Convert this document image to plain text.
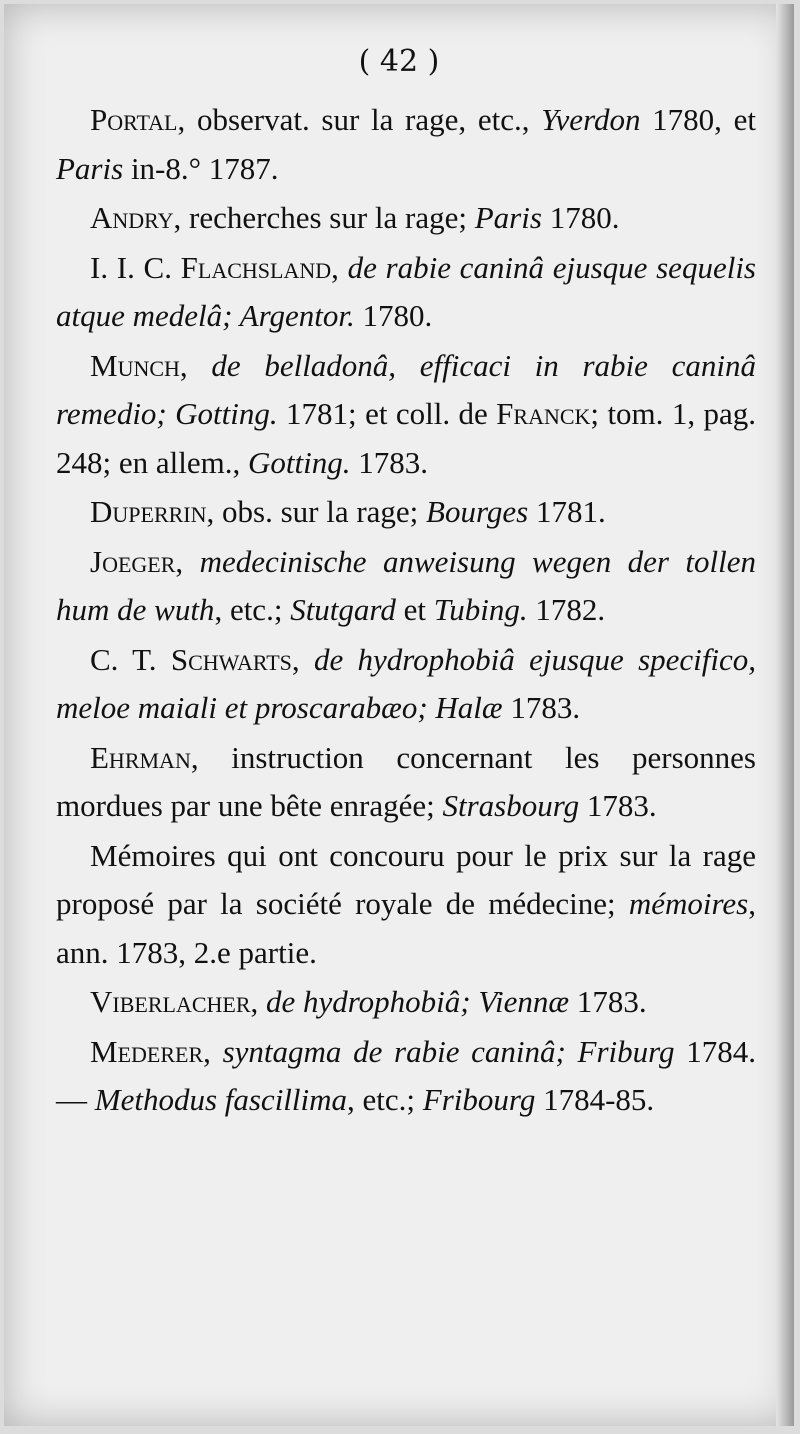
( 42 )

Portal, observat. sur la rage, etc., Yverdon 1780, et Paris in-8.° 1787.

Andry, recherches sur la rage; Paris 1780.

I. I. C. Flachsland, de rabie caninâ ejusque sequelis atque medelâ; Argentor. 1780.

Munch, de belladonâ, efficaci in rabie caninâ remedio; Gotting. 1781; et coll. de Franck; tom. 1, pag. 248; en allem., Gotting. 1783.

Duperrin, obs. sur la rage; Bourges 1781.

Joeger, medecinische anweisung wegen der tollen hum de wuth, etc.; Stutgard et Tubing. 1782.

C. T. Schwarts, de hydrophobiâ ejusque specifico, meloe maiali et proscarabæo; Halæ 1783.

Ehrman, instruction concernant les personnes mordues par une bête enragée; Strasbourg 1783.

Mémoires qui ont concouru pour le prix sur la rage proposé par la société royale de médecine; mémoires, ann. 1783, 2.e partie.

Viberlacher, de hydrophobiâ; Viennæ 1783.

Mederer, syntagma de rabie caninâ; Friburg 1784. — Methodus fascillima, etc.; Fribourg 1784-85.
